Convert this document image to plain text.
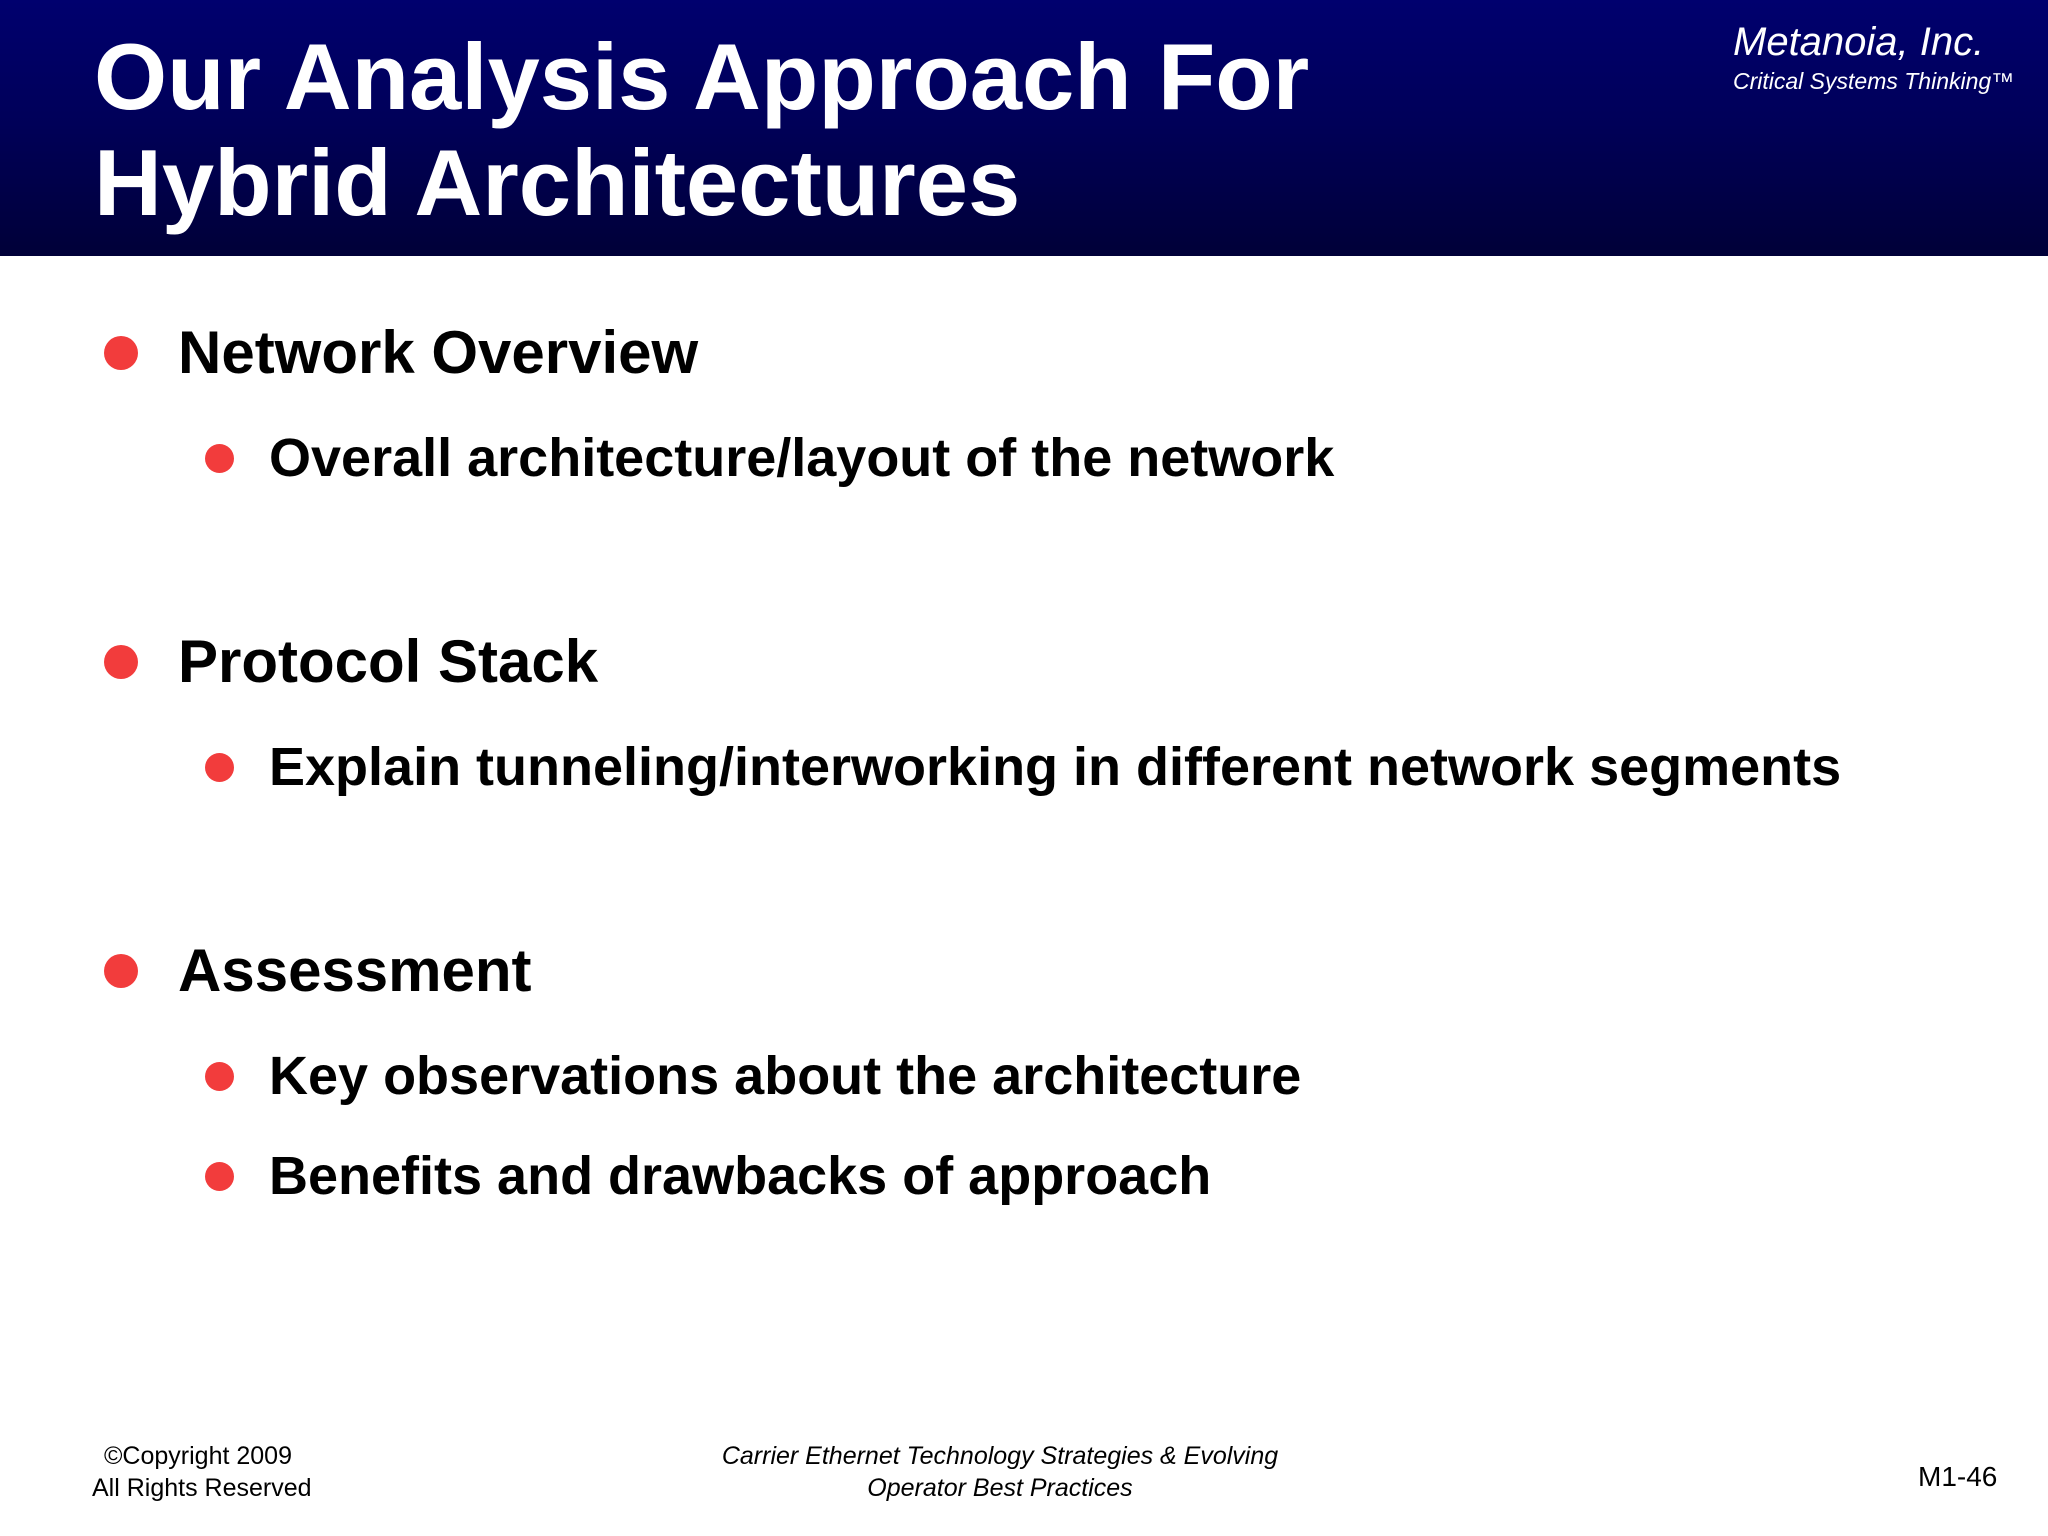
Our Analysis Approach For
Hybrid Architectures
Metanoia, Inc.
Critical Systems Thinking™
Network Overview
Overall architecture/layout of the network
Protocol Stack
Explain tunneling/interworking in different network segments
Assessment
Key observations about the architecture
Benefits and drawbacks of approach
©Copyright 2009
All Rights Reserved
Carrier Ethernet Technology Strategies & Evolving
Operator Best Practices	M1-46
